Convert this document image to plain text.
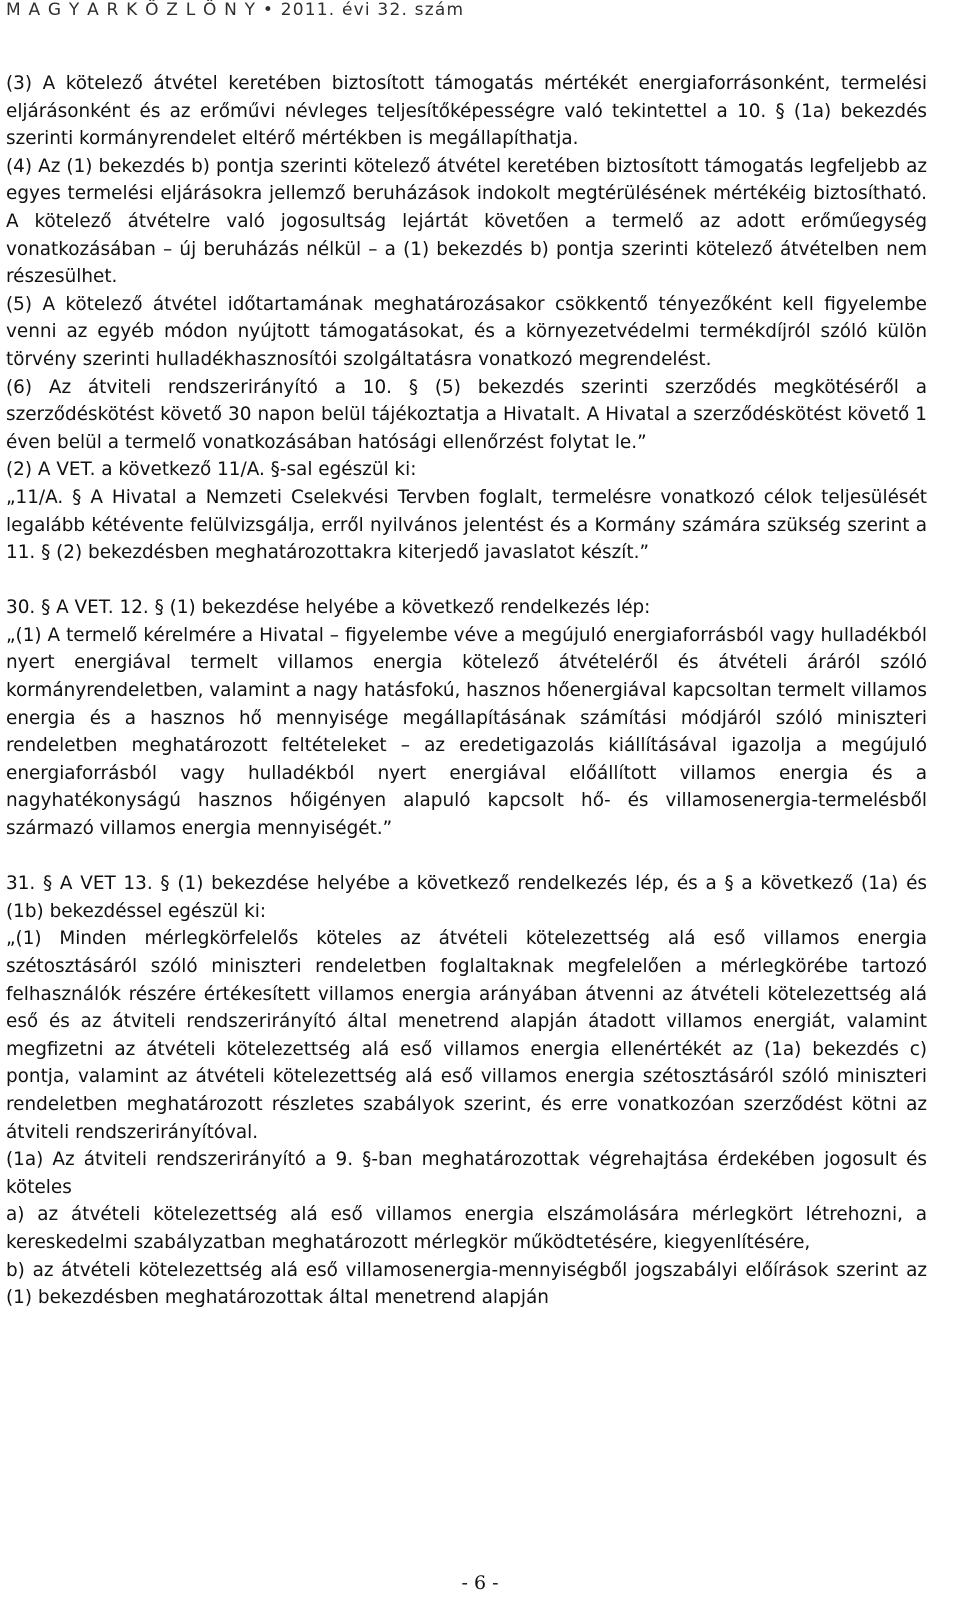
M A G Y A R K Ö Z L Ö N Y • 2011. évi 32. szám

(3) A kötelező átvétel keretében biztosított támogatás mértékét energiaforrásonként, termelési eljárásonként és az erőművi névleges teljesítőképességre való tekintettel a 10. § (1a) bekezdés szerinti kormányrendelet eltérő mértékben is megállapíthatja.

(4) Az (1) bekezdés b) pontja szerinti kötelező átvétel keretében biztosított támogatás legfeljebb az egyes termelési eljárásokra jellemző beruházások indokolt megtérülésének mértékéig biztosítható. A kötelező átvételre való jogosultság lejártát követően a termelő az adott erőműegység vonatkozásában – új beruházás nélkül – a (1) bekezdés b) pontja szerinti kötelező átvételben nem részesülhet.

(5) A kötelező átvétel időtartamának meghatározásakor csökkentő tényezőként kell figyelembe venni az egyéb módon nyújtott támogatásokat, és a környezetvédelmi termékdíjról szóló külön törvény szerinti hulladékhasznosítói szolgáltatásra vonatkozó megrendelést.

(6) Az átviteli rendszerirányító a 10. § (5) bekezdés szerinti szerződés megkötéséről a szerződéskötést követő 30 napon belül tájékoztatja a Hivatalt. A Hivatal a szerződéskötést követő 1 éven belül a termelő vonatkozásában hatósági ellenőrzést folytat le.”

(2) A VET. a következő 11/A. §-sal egészül ki:

„11/A. § A Hivatal a Nemzeti Cselekvési Tervben foglalt, termelésre vonatkozó célok teljesülését legalább kétévente felülvizsgálja, erről nyilvános jelentést és a Kormány számára szükség szerint a 11. § (2) bekezdésben meghatározottakra kiterjedő javaslatot készít.”

30. § A VET. 12. § (1) bekezdése helyébe a következő rendelkezés lép:

„(1) A termelő kérelmére a Hivatal – figyelembe véve a megújuló energiaforrásból vagy hulladékból nyert energiával termelt villamos energia kötelező átvételéről és átvételi áráról szóló kormányrendeletben, valamint a nagy hatásfokú, hasznos hőenergiával kapcsoltan termelt villamos energia és a hasznos hő mennyisége megállapításának számítási módjáról szóló miniszteri rendeletben meghatározott feltételeket – az eredetigazolás kiállításával igazolja a megújuló energiaforrásból vagy hulladékból nyert energiával előállított villamos energia és a nagyhatékonyságú hasznos hőigényen alapuló kapcsolt hő- és villamosenergia-termelésből származó villamos energia mennyiségét.”

31. § A VET 13. § (1) bekezdése helyébe a következő rendelkezés lép, és a § a következő (1a) és (1b) bekezdéssel egészül ki:

„(1) Minden mérlegkörfelelős köteles az átvételi kötelezettség alá eső villamos energia szétosztásáról szóló miniszteri rendeletben foglaltaknak megfelelően a mérlegkörébe tartozó felhasználók részére értékesített villamos energia arányában átvenni az átvételi kötelezettség alá eső és az átviteli rendszerirányító által menetrend alapján átadott villamos energiát, valamint megfizetni az átvételi kötelezettség alá eső villamos energia ellenértékét az (1a) bekezdés c) pontja, valamint az átvételi kötelezettség alá eső villamos energia szétosztásáról szóló miniszteri rendeletben meghatározott részletes szabályok szerint, és erre vonatkozóan szerződést kötni az átviteli rendszerirányítóval.

(1a) Az átviteli rendszerirányító a 9. §-ban meghatározottak végrehajtása érdekében jogosult és köteles

a) az átvételi kötelezettség alá eső villamos energia elszámolására mérlegkört létrehozni, a kereskedelmi szabályzatban meghatározott mérlegkör működtetésére, kiegyenlítésére,

b) az átvételi kötelezettség alá eső villamosenergia-mennyiségből jogszabályi előírások szerint az (1) bekezdésben meghatározottak által menetrend alapján

- 6 -
